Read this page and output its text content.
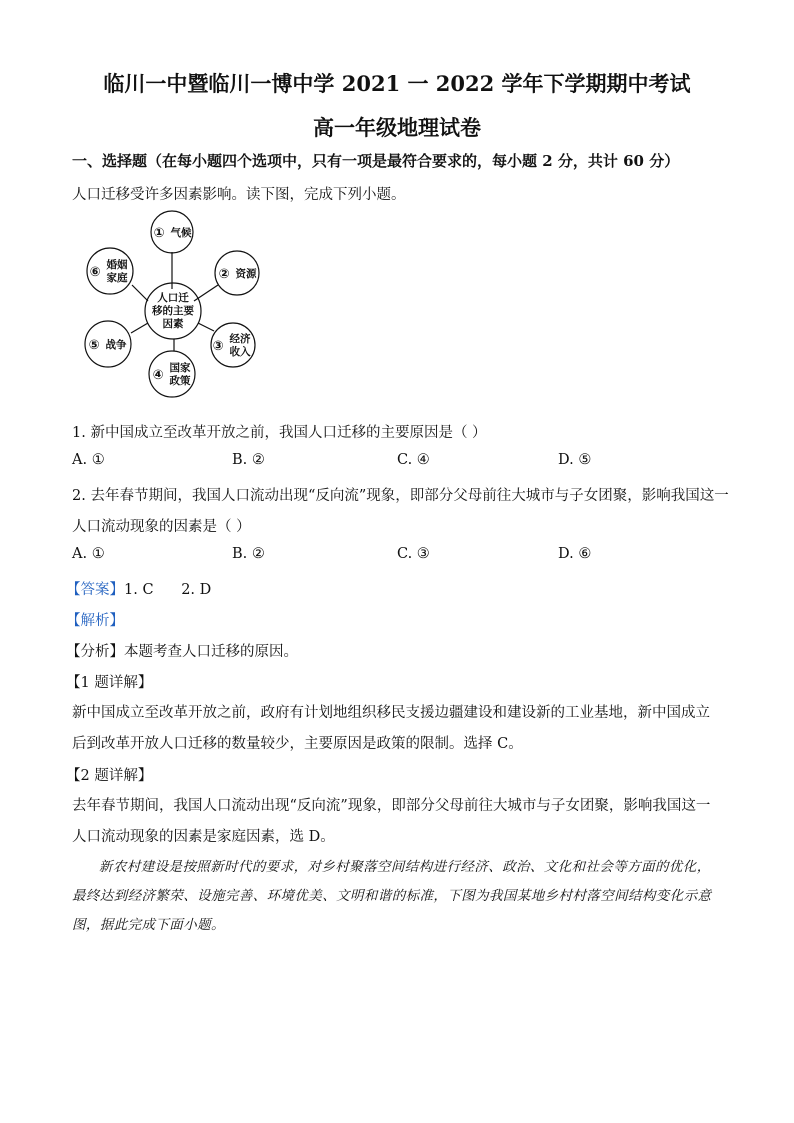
临川一中暨临川一博中学 2021 一 2022 学年下学期期中考试
高一年级地理试卷
一、选择题（在每小题四个选项中，只有一项是最符合要求的，每小题 2 分，共计 60 分）
人口迁移受许多因素影响。读下图，完成下列小题。
人口迁
移的主要
因素
① 气候
② 资源
③ 经济
收入
④ 国家
政策
⑤ 战争
⑥ 婚姻
家庭
1. 新中国成立至改革开放之前，我国人口迁移的主要原因是（ ）
A. ①	B. ②	C. ④	D. ⑤
2. 去年春节期间，我国人口流动出现“反向流”现象，即部分父母前往大城市与子女团聚，影响我国这一
人口流动现象的因素是（ ）
A. ①	B. ②	C. ③	D. ⑥
【答案】1. C      2. D
【解析】
【分析】本题考查人口迁移的原因。
【1 题详解】
新中国成立至改革开放之前，政府有计划地组织移民支援边疆建设和建设新的工业基地，新中国成立后到改革开放人口迁移的数量较少，主要原因是政策的限制。选择 C。
【2 题详解】
去年春节期间，我国人口流动出现“反向流”现象，即部分父母前往大城市与子女团聚，影响我国这一人口流动现象的因素是家庭因素，选 D。
新农村建设是按照新时代的要求，对乡村聚落空间结构进行经济、政治、文化和社会等方面的优化，最终达到经济繁荣、设施完善、环境优美、文明和谐的标准，下图为我国某地乡村村落空间结构变化示意图，据此完成下面小题。
